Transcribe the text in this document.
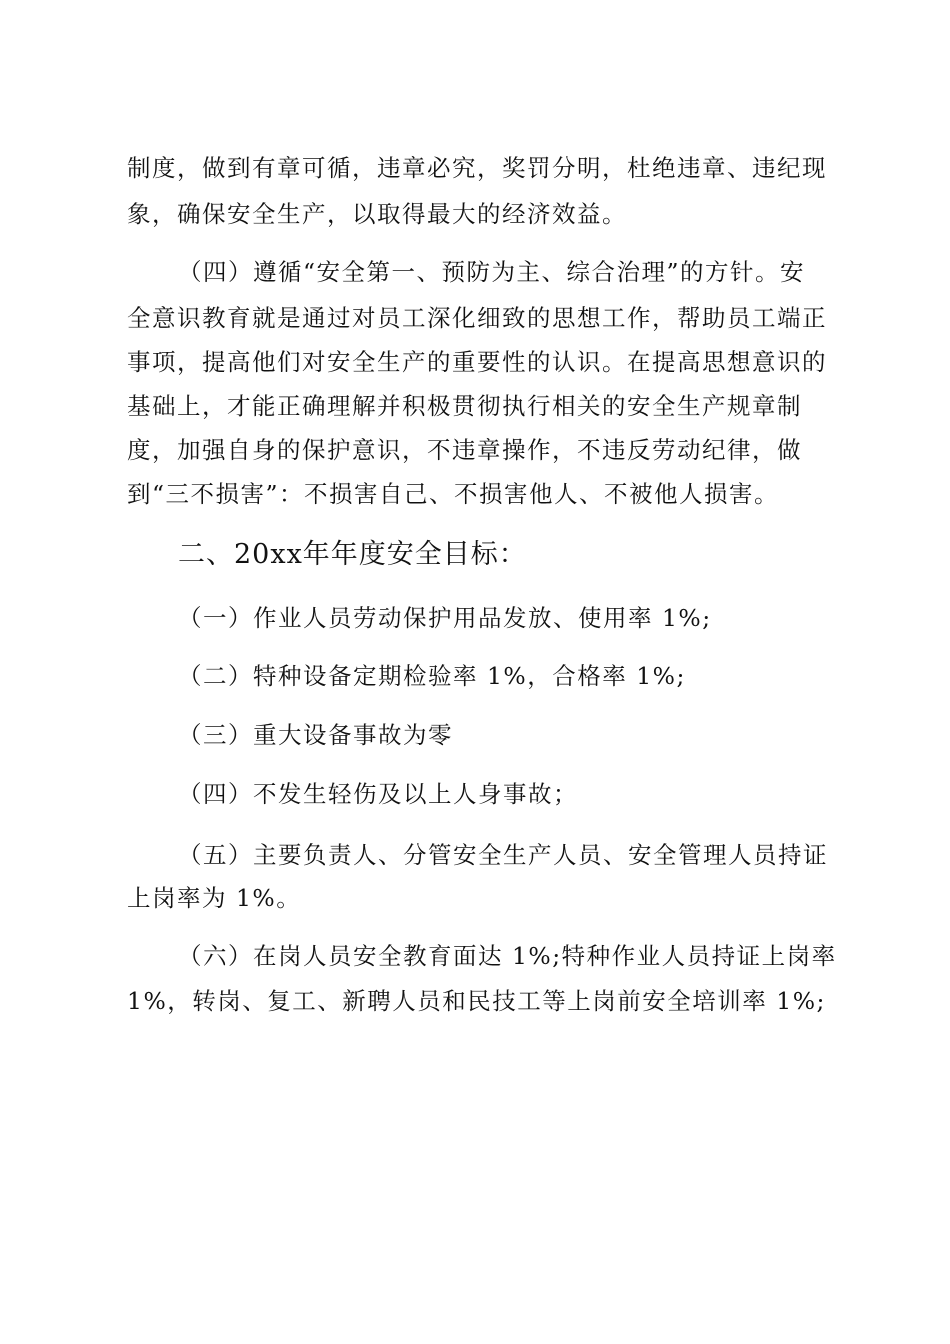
制度，做到有章可循，违章必究，奖罚分明，杜绝违章、违纪现
象，确保安全生产，以取得最大的经济效益。
（四）遵循“安全第一、预防为主、综合治理”的方针。安
全意识教育就是通过对员工深化细致的思想工作，帮助员工端正
事项，提高他们对安全生产的重要性的认识。在提高思想意识的
基础上，才能正确理解并积极贯彻执行相关的安全生产规章制
度，加强自身的保护意识，不违章操作，不违反劳动纪律，做
到“三不损害”：不损害自己、不损害他人、不被他人损害。
二、20xx年年度安全目标：
（一）作业人员劳动保护用品发放、使用率 1%;
（二）特种设备定期检验率 1%，合格率 1%;
（三）重大设备事故为零
（四）不发生轻伤及以上人身事故；
（五）主要负责人、分管安全生产人员、安全管理人员持证
上岗率为 1%。
（六）在岗人员安全教育面达 1%;特种作业人员持证上岗率
1%，转岗、复工、新聘人员和民技工等上岗前安全培训率 1%;
